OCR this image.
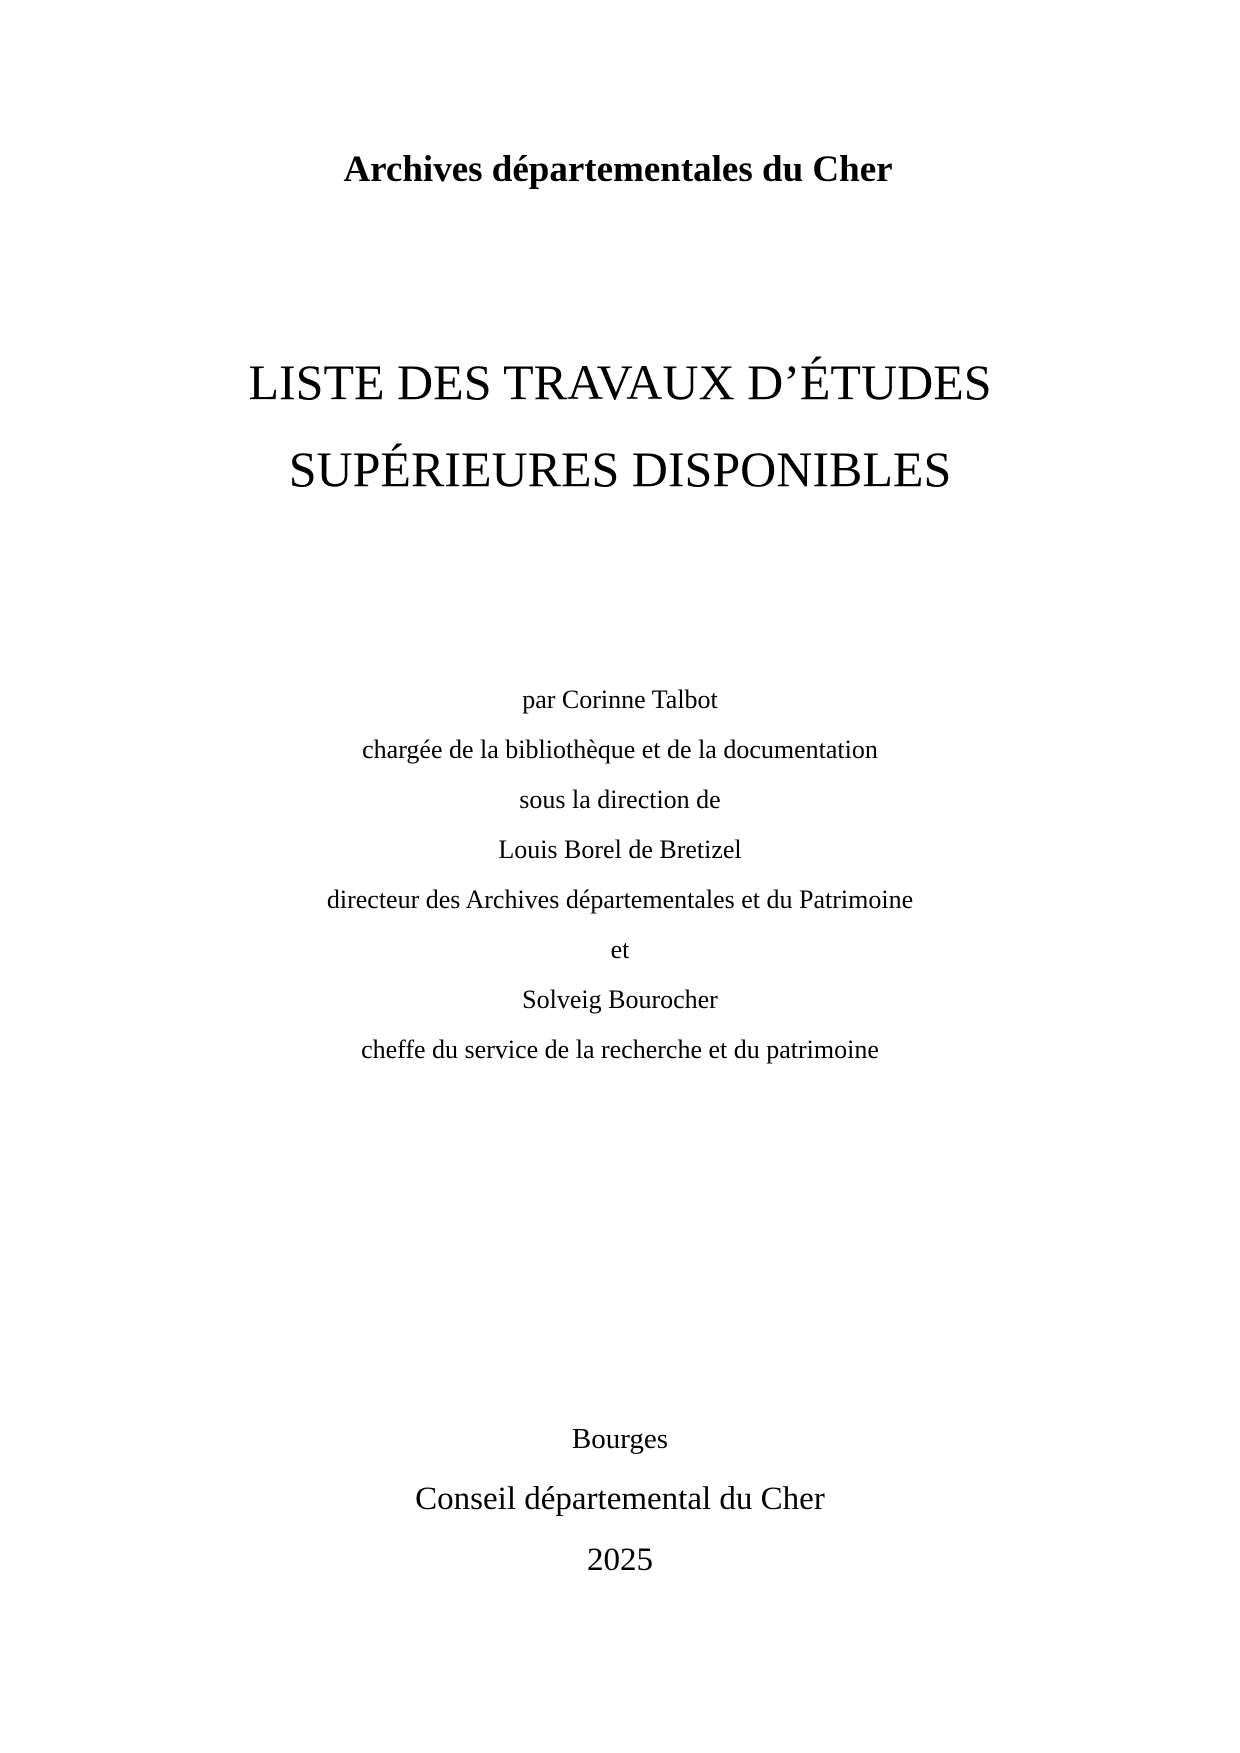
Archives départementales du Cher
LISTE DES TRAVAUX D’ÉTUDES
SUPÉRIEURES DISPONIBLES
par Corinne Talbot
chargée de la bibliothèque et de la documentation
sous la direction de
Louis Borel de Bretizel
directeur des Archives départementales et du Patrimoine
et
Solveig Bourocher
cheffe du service de la recherche et du patrimoine
Bourges
Conseil départemental du Cher
2025
